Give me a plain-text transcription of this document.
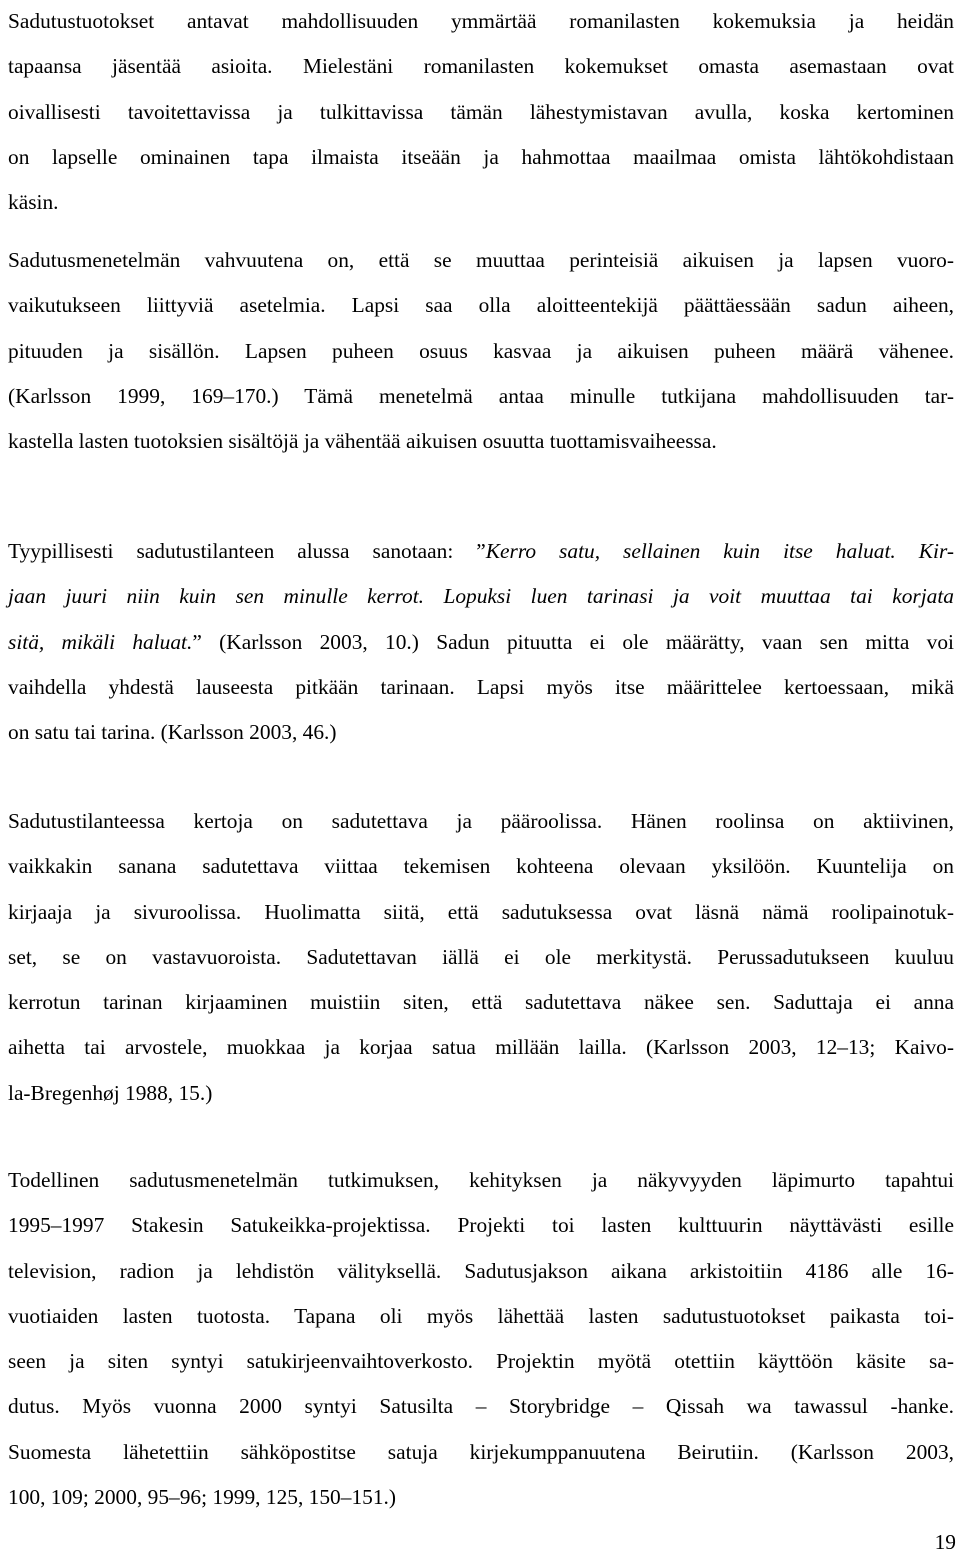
Sadutustuotokset antavat mahdollisuuden ymmärtää romanilasten kokemuksia ja heidän
tapaansa jäsentää asioita. Mielestäni romanilasten kokemukset omasta asemastaan ovat
oivallisesti tavoitettavissa ja tulkittavissa tämän lähestymistavan avulla, koska kertominen
on lapselle ominainen tapa ilmaista itseään ja hahmottaa maailmaa omista lähtökohdistaan
käsin.
Sadutusmenetelmän vahvuutena on, että se muuttaa perinteisiä aikuisen ja lapsen vuoro-
vaikutukseen liittyviä asetelmia. Lapsi saa olla aloitteentekijä päättäessään sadun aiheen,
pituuden ja sisällön. Lapsen puheen osuus kasvaa ja aikuisen puheen määrä vähenee.
(Karlsson 1999, 169–170.) Tämä menetelmä antaa minulle tutkijana mahdollisuuden tar-
kastella lasten tuotoksien sisältöjä ja vähentää aikuisen osuutta tuottamisvaiheessa.
Tyypillisesti sadutustilanteen alussa sanotaan: ”Kerro satu, sellainen kuin itse haluat. Kir-
jaan juuri niin kuin sen minulle kerrot. Lopuksi luen tarinasi ja voit muuttaa tai korjata
sitä, mikäli haluat.” (Karlsson 2003, 10.) Sadun pituutta ei ole määrätty, vaan sen mitta voi
vaihdella yhdestä lauseesta pitkään tarinaan. Lapsi myös itse määrittelee kertoessaan, mikä
on satu tai tarina. (Karlsson 2003, 46.)
Sadutustilanteessa kertoja on sadutettava ja pääroolissa. Hänen roolinsa on aktiivinen,
vaikkakin sanana sadutettava viittaa tekemisen kohteena olevaan yksilöön. Kuuntelija on
kirjaaja ja sivuroolissa. Huolimatta siitä, että sadutuksessa ovat läsnä nämä roolipainotuk-
set, se on vastavuoroista. Sadutettavan iällä ei ole merkitystä. Perussadutukseen kuuluu
kerrotun tarinan kirjaaminen muistiin siten, että sadutettava näkee sen. Saduttaja ei anna
aihetta tai arvostele, muokkaa ja korjaa satua millään lailla. (Karlsson 2003, 12–13; Kaivo-
la-Bregenhøj 1988, 15.)
Todellinen sadutusmenetelmän tutkimuksen, kehityksen ja näkyvyyden läpimurto tapahtui
1995–1997 Stakesin Satukeikka-projektissa. Projekti toi lasten kulttuurin näyttävästi esille
television, radion ja lehdistön välityksellä. Sadutusjakson aikana arkistoitiin 4186 alle 16-
vuotiaiden lasten tuotosta. Tapana oli myös lähettää lasten sadutustuotokset paikasta toi-
seen ja siten syntyi satukirjeenvaihtoverkosto. Projektin myötä otettiin käyttöön käsite sa-
dutus. Myös vuonna 2000 syntyi Satusilta – Storybridge – Qissah wa tawassul -hanke.
Suomesta lähetettiin sähköpostitse satuja kirjekumppanuutena Beirutiin. (Karlsson 2003,
100, 109; 2000, 95–96; 1999, 125, 150–151.)
19
